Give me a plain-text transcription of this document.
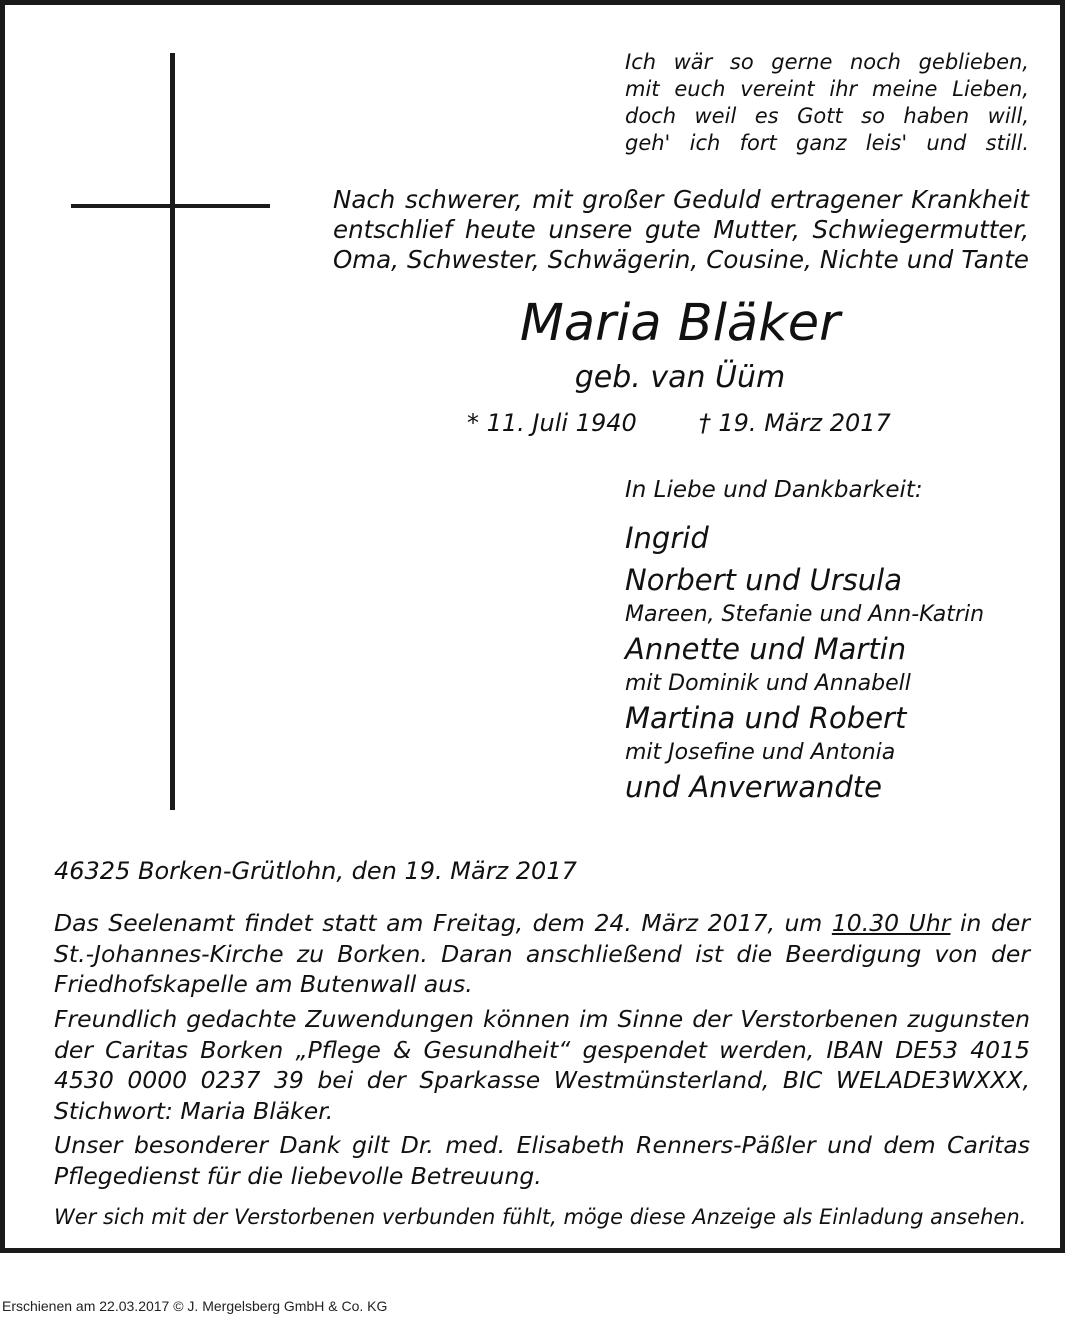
Ich wär so gerne noch geblieben,
mit euch vereint ihr meine Lieben,
doch weil es Gott so haben will,
geh' ich fort ganz leis' und still.
Nach schwerer, mit großer Geduld ertragener Krankheit
entschlief heute unsere gute Mutter, Schwiegermutter,
Oma, Schwester, Schwägerin, Cousine, Nichte und Tante
Maria Bläker
geb. van Üüm
* 11. Juli 1940	† 19. März 2017
In Liebe und Dankbarkeit:
Ingrid
Norbert und Ursula
Mareen, Stefanie und Ann-Katrin
Annette und Martin
mit Dominik und Annabell
Martina und Robert
mit Josefine und Antonia
und Anverwandte
46325 Borken-Grütlohn, den 19. März 2017
Das Seelenamt findet statt am Freitag, dem 24. März 2017, um 10.30 Uhr in der St.-Johannes-Kirche zu Borken. Daran anschließend ist die Beerdigung von der Friedhofskapelle am Butenwall aus.
Freundlich gedachte Zuwendungen können im Sinne der Verstorbenen zugunsten der Caritas Borken „Pflege & Gesundheit“ gespendet werden, IBAN DE53 4015 4530 0000 0237 39 bei der Sparkasse Westmünsterland, BIC WELADE3WXXX, Stichwort: Maria Bläker.
Unser besonderer Dank gilt Dr. med. Elisabeth Renners-Päßler und dem Caritas Pflegedienst für die liebevolle Betreuung.
Wer sich mit der Verstorbenen verbunden fühlt, möge diese Anzeige als Einladung ansehen.
Erschienen am 22.03.2017 © J. Mergelsberg GmbH & Co. KG
